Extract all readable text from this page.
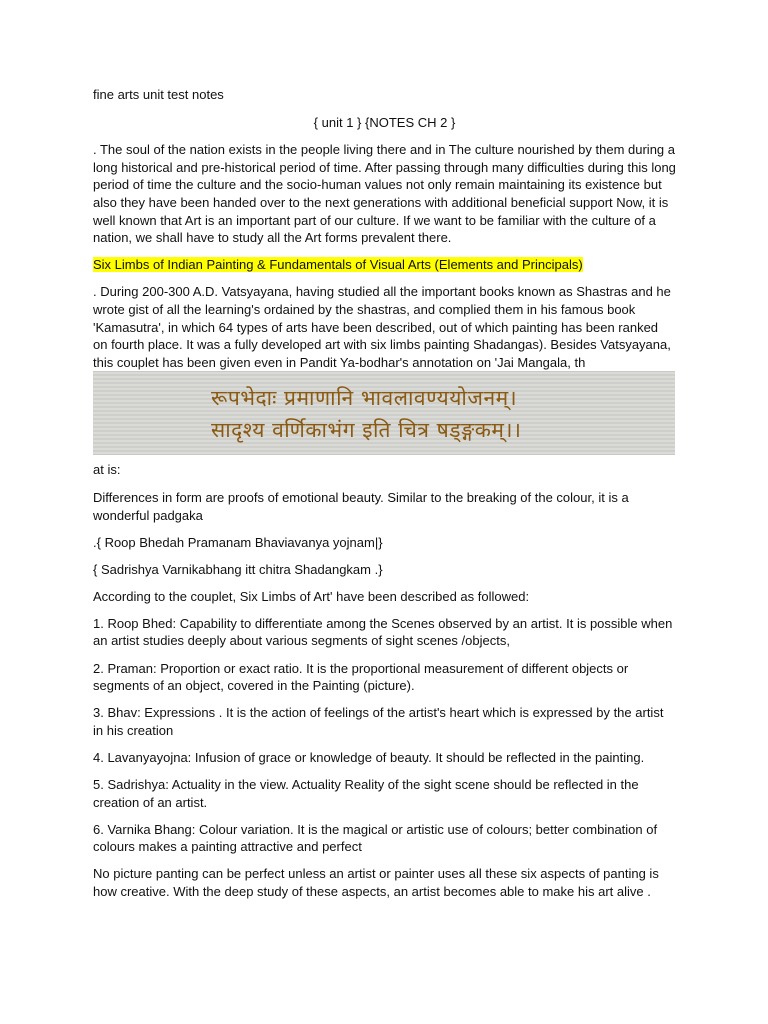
fine arts unit test notes

{ unit 1 } {NOTES CH 2 }

. The soul of the nation exists in the people living there and in The culture nourished by them during a long historical and pre-historical period of time. After passing through many difficulties during this long period of time the culture and the socio-human values not only remain maintaining its existence but also they have been handed over to the next generations with additional beneficial support Now, it is well known that Art is an important part of our culture. If we want to be familiar with the culture of a nation, we shall have to study all the Art forms prevalent there.

Six Limbs of Indian Painting & Fundamentals of Visual Arts (Elements and Principals)

. During 200-300 A.D. Vatsyayana, having studied all the important books known as Shastras and he wrote gist of all the learning's ordained by the shastras, and complied them in his famous book 'Kamasutra', in which 64 types of arts have been described, out of which painting has been ranked on fourth place. It was a fully developed art with six limbs painting Shadangas). Besides Vatsyayana, this couplet has been given even in Pandit Ya-bodhar's annotation on 'Jai Mangala, th

रूपभेदाः प्रमाणानि भावलावण्ययोजनम्।
सादृश्य वर्णिकाभंग इति चित्र षड्ङ्गकम्।।

at is:

Differences in form are proofs of emotional beauty. Similar to the breaking of the colour, it is a wonderful padgaka

.{ Roop Bhedah Pramanam Bhaviavanya yojnam|}

{ Sadrishya Varnikabhang itt chitra Shadangkam .}

According to the couplet, Six Limbs of Art' have been described as followed:

1. Roop Bhed: Capability to differentiate among the Scenes observed by an artist. It is possible when an artist studies deeply about various segments of sight scenes /objects,

2. Praman: Proportion or exact ratio. It is the proportional measurement of different objects or segments of an object, covered in the Painting (picture).

3. Bhav: Expressions . It is the action of feelings of the artist's heart which is expressed by the artist in his creation

4. Lavanyayojna: Infusion of grace or knowledge of beauty. It should be reflected in the painting.

5. Sadrishya: Actuality in the view. Actuality Reality of the sight scene should be reflected in the creation of an artist.

6. Varnika Bhang: Colour variation. It is the magical or artistic use of colours; better combination of colours makes a painting attractive and perfect

No picture panting can be perfect unless an artist or painter uses all these six aspects of panting is how creative. With the deep study of these aspects, an artist becomes able to make his art alive .
